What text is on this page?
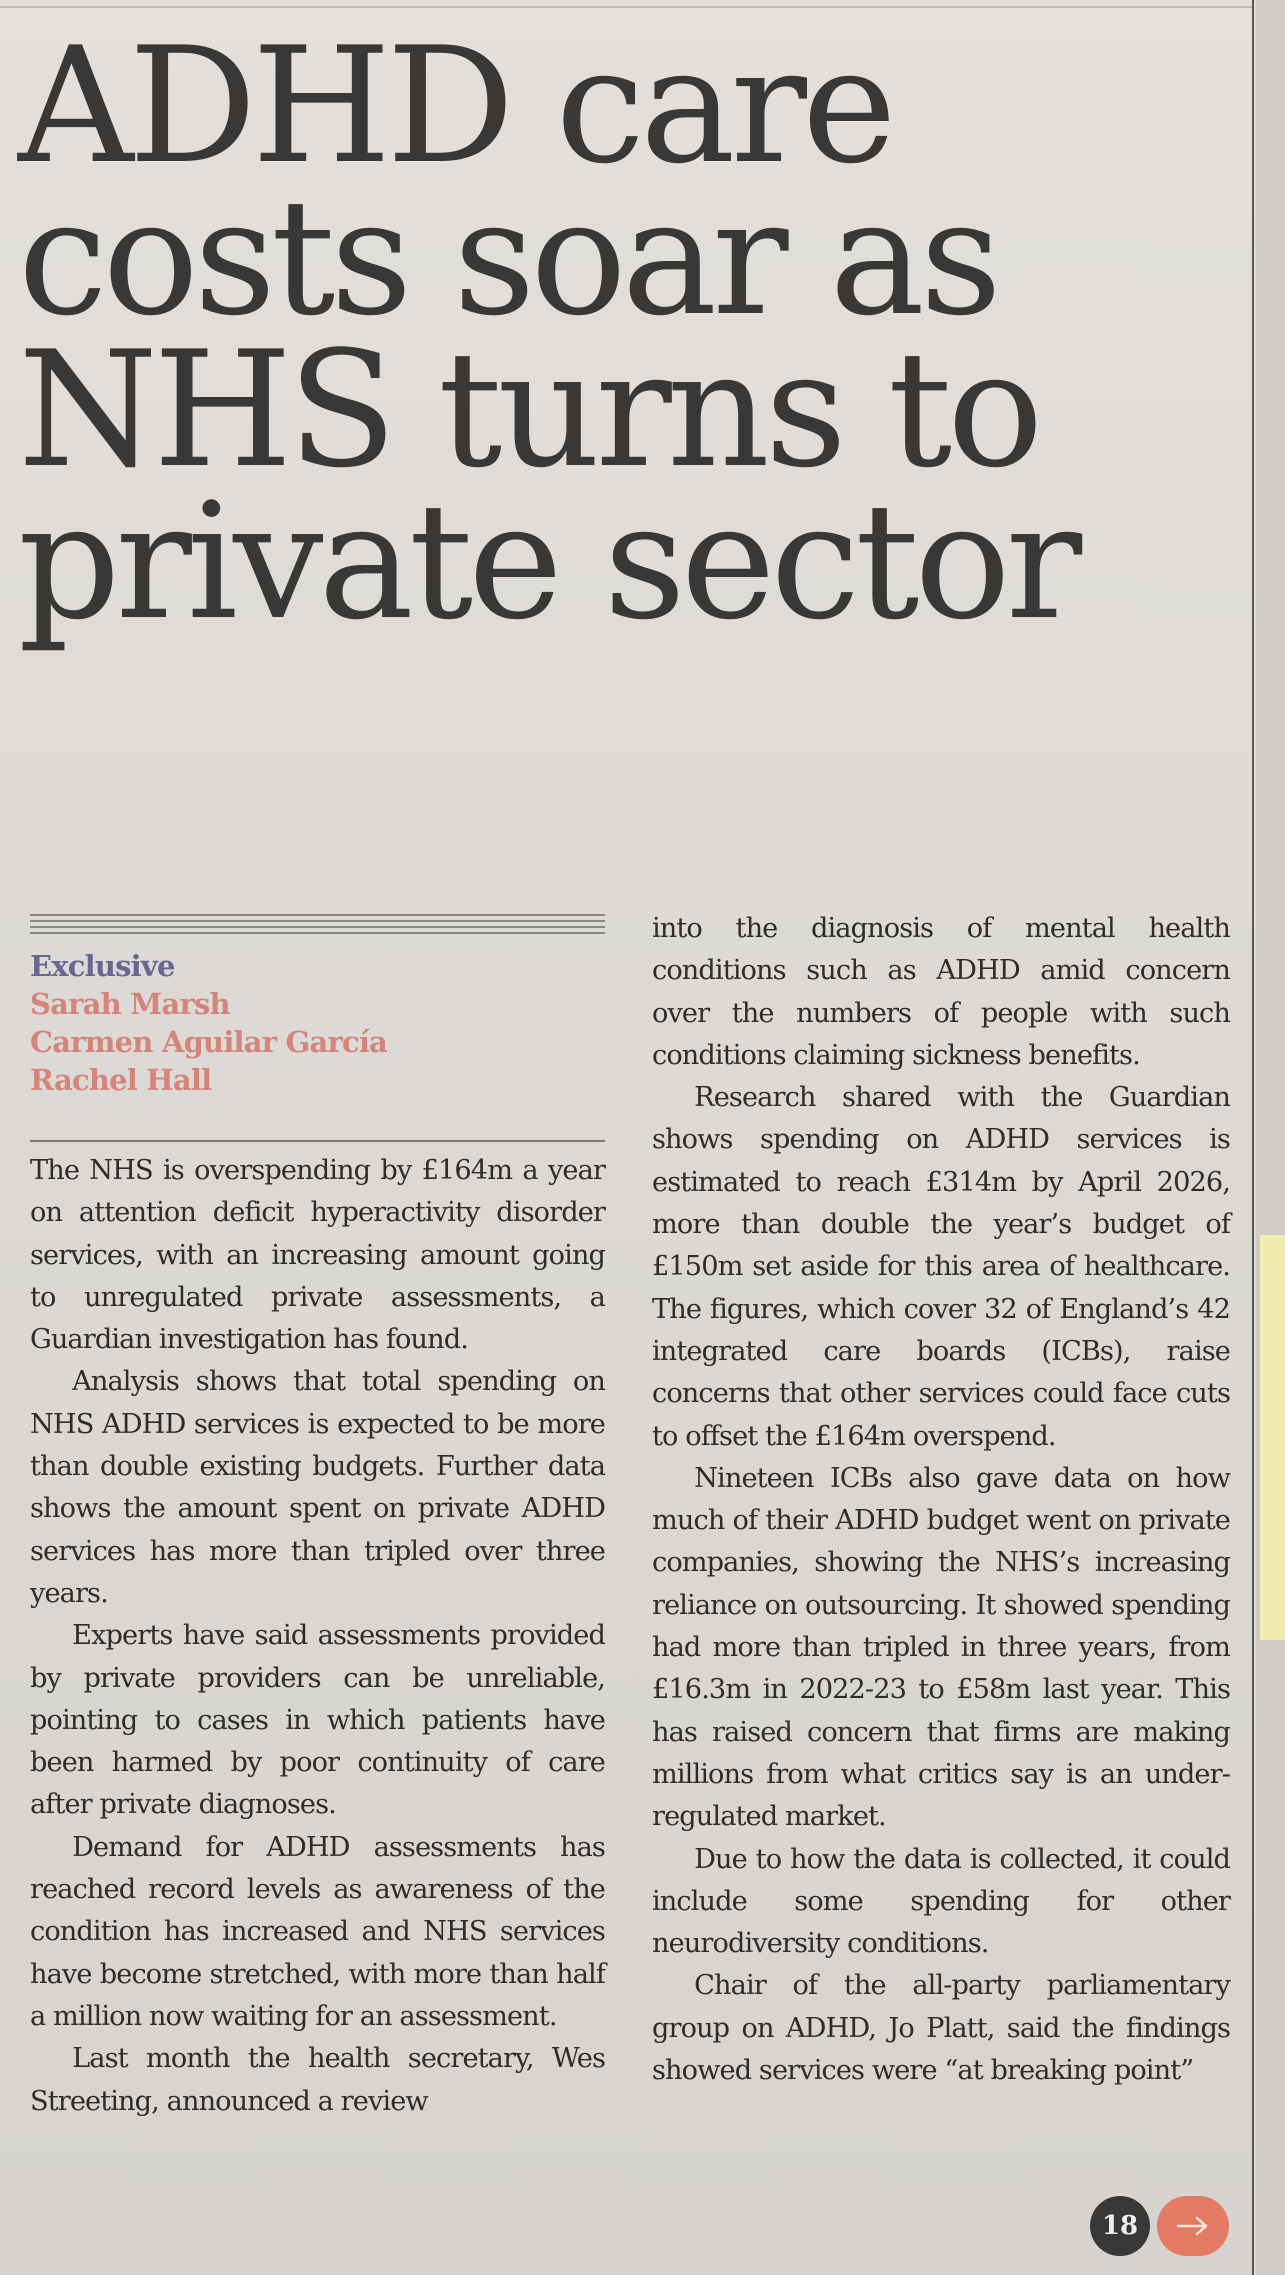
ADHD care
costs soar as
NHS turns to
private sector
Exclusive
Sarah Marsh
Carmen Aguilar García
Rachel Hall

The NHS is overspending by £164m a year on attention deficit hyperactivity disorder services, with an increasing amount going to unregulated private assessments, a Guardian investigation has found.

Analysis shows that total spending on NHS ADHD services is expected to be more than double existing budgets. Further data shows the amount spent on private ADHD services has more than tripled over three years.

Experts have said assessments provided by private providers can be unreliable, pointing to cases in which patients have been harmed by poor continuity of care after private diagnoses.

Demand for ADHD assessments has reached record levels as awareness of the condition has increased and NHS services have become stretched, with more than half a million now waiting for an assessment.

Last month the health secretary, Wes Streeting, announced a review

into the diagnosis of mental health conditions such as ADHD amid concern over the numbers of people with such conditions claiming sickness benefits.

Research shared with the Guardian shows spending on ADHD services is estimated to reach £314m by April 2026, more than double the year’s budget of £150m set aside for this area of healthcare. The figures, which cover 32 of England’s 42 integrated care boards (ICBs), raise concerns that other services could face cuts to offset the £164m overspend.

Nineteen ICBs also gave data on how much of their ADHD budget went on private companies, showing the NHS’s increasing reliance on outsourcing. It showed spending had more than tripled in three years, from £16.3m in 2022-23 to £58m last year. This has raised concern that firms are making millions from what critics say is an under-regulated market.

Due to how the data is collected, it could include some spending for other neurodiversity conditions.

Chair of the all-party parliamentary group on ADHD, Jo Platt, said the findings showed services were “at breaking point”

18
